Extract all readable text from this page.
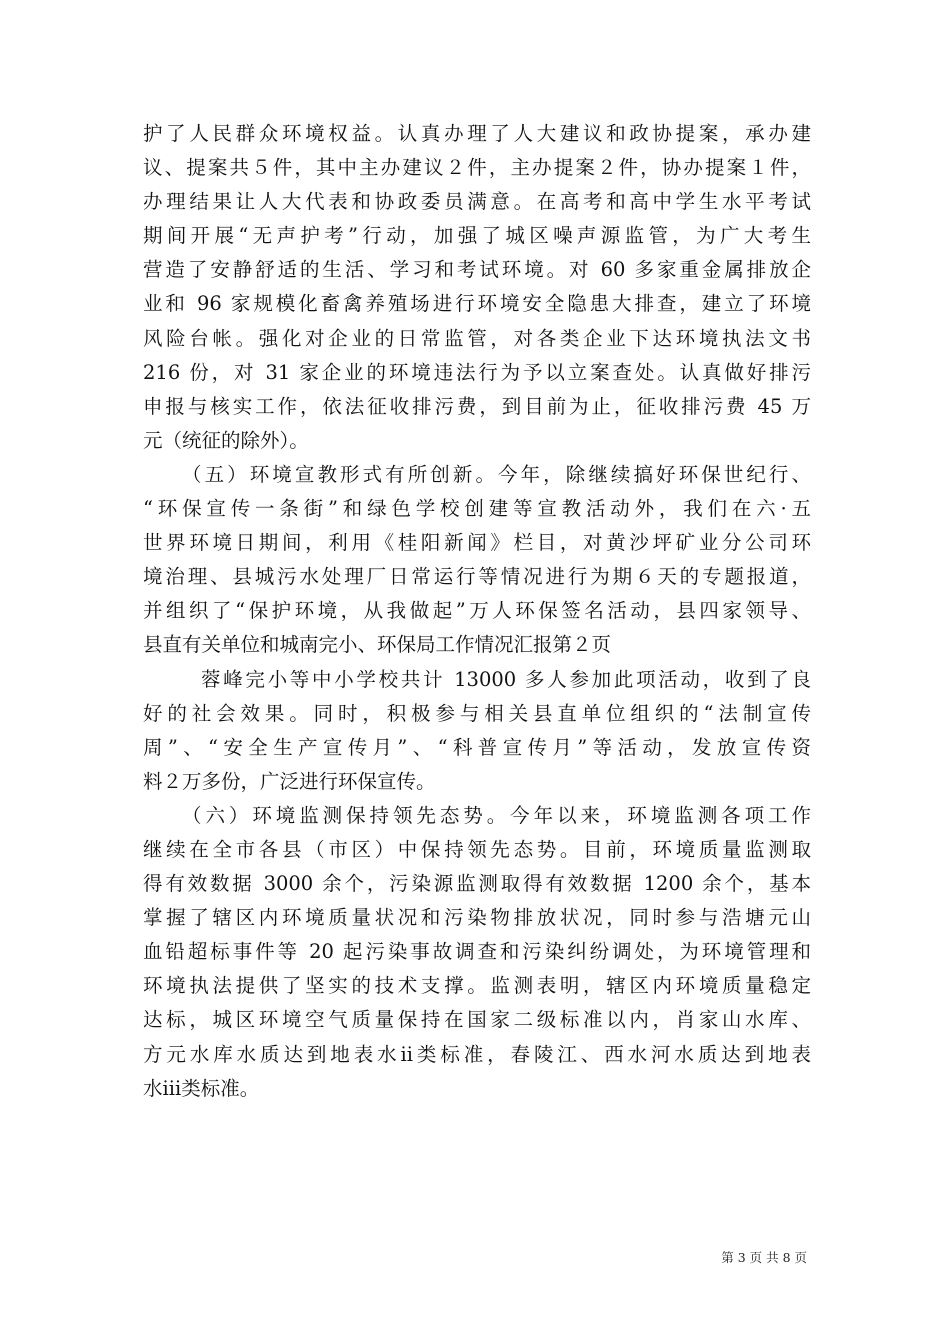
护了人民群众环境权益。认真办理了人大建议和政协提案，承办建
议、提案共５件，其中主办建议２件，主办提案２件，协办提案１件，
办理结果让人大代表和协政委员满意。在高考和高中学生水平考试
期间开展“无声护考”行动，加强了城区噪声源监管，为广大考生
营造了安静舒适的生活、学习和考试环境。对 60 多家重金属排放企
业和 96 家规模化畜禽养殖场进行环境安全隐患大排查，建立了环境
风险台帐。强化对企业的日常监管，对各类企业下达环境执法文书
216 份，对 31 家企业的环境违法行为予以立案查处。认真做好排污
申报与核实工作，依法征收排污费，到目前为止，征收排污费 45 万
元（统征的除外）。
（五）环境宣教形式有所创新。今年，除继续搞好环保世纪行、
“环保宣传一条街”和绿色学校创建等宣教活动外，我们在六·五
世界环境日期间，利用《桂阳新闻》栏目，对黄沙坪矿业分公司环
境治理、县城污水处理厂日常运行等情况进行为期６天的专题报道，
并组织了“保护环境，从我做起”万人环保签名活动，县四家领导、
县直有关单位和城南完小、环保局工作情况汇报第２页
蓉峰完小等中小学校共计 13000 多人参加此项活动，收到了良
好的社会效果。同时，积极参与相关县直单位组织的“法制宣传
周”、“安全生产宣传月”、“科普宣传月”等活动，发放宣传资
料２万多份，广泛进行环保宣传。
（六）环境监测保持领先态势。今年以来，环境监测各项工作
继续在全市各县（市区）中保持领先态势。目前，环境质量监测取
得有效数据 3000 余个，污染源监测取得有效数据 1200 余个，基本
掌握了辖区内环境质量状况和污染物排放状况，同时参与浩塘元山
血铅超标事件等 20 起污染事故调查和污染纠纷调处，为环境管理和
环境执法提供了坚实的技术支撑。监测表明，辖区内环境质量稳定
达标，城区环境空气质量保持在国家二级标准以内，肖家山水库、
方元水库水质达到地表水ⅱ类标准，春陵江、西水河水质达到地表
水ⅲ类标准。
第 3 页 共 8 页
